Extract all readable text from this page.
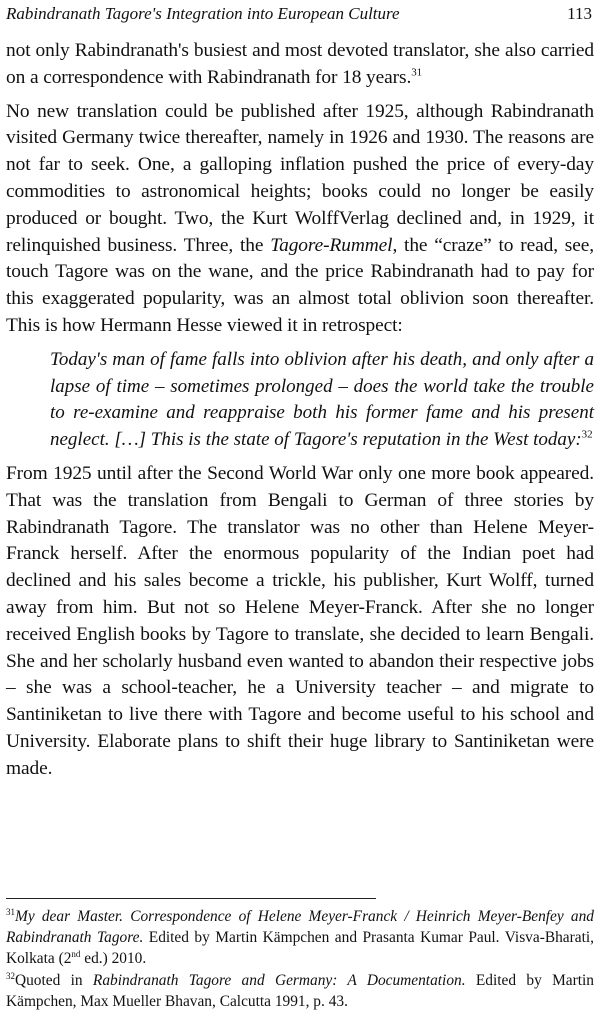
Rabindranath Tagore's Integration into European Culture	113

not only Rabindranath's busiest and most devoted translator, she also carried on a correspondence with Rabindranath for 18 years.$^{31}$

No new translation could be published after 1925, although Rabindranath visited Germany twice thereafter, namely in 1926 and 1930. The reasons are not far to seek. One, a galloping inflation pushed the price of every-day commodities to astronomical heights; books could no longer be easily produced or bought. Two, the Kurt WolffVerlag declined and, in 1929, it relinquished business. Three, the Tagore-Rummel, the “craze” to read, see, touch Tagore was on the wane, and the price Rabindranath had to pay for this exaggerated popularity, was an almost total oblivion soon thereafter. This is how Hermann Hesse viewed it in retrospect:

Today's man of fame falls into oblivion after his death, and only after a lapse of time – sometimes prolonged – does the world take the trouble to re-examine and reappraise both his former fame and his present neglect. […] This is the state of Tagore's reputation in the West today:$^{32}$

From 1925 until after the Second World War only one more book appeared. That was the translation from Bengali to German of three stories by Rabindranath Tagore. The translator was no other than Helene Meyer-Franck herself. After the enormous popularity of the Indian poet had declined and his sales become a trickle, his publisher, Kurt Wolff, turned away from him. But not so Helene Meyer-Franck. After she no longer received English books by Tagore to translate, she decided to learn Bengali. She and her scholarly husband even wanted to abandon their respective jobs – she was a school-teacher, he a University teacher – and migrate to Santiniketan to live there with Tagore and become useful to his school and University. Elaborate plans to shift their huge library to Santiniketan were made.

$^{31}$My dear Master. Correspondence of Helene Meyer-Franck / Heinrich Meyer-Benfey and Rabindranath Tagore. Edited by Martin Kämpchen and Prasanta Kumar Paul. Visva-Bharati, Kolkata (2nd ed.) 2010.

$^{32}$Quoted in Rabindranath Tagore and Germany: A Documentation. Edited by Martin Kämpchen, Max Mueller Bhavan, Calcutta 1991, p. 43.
